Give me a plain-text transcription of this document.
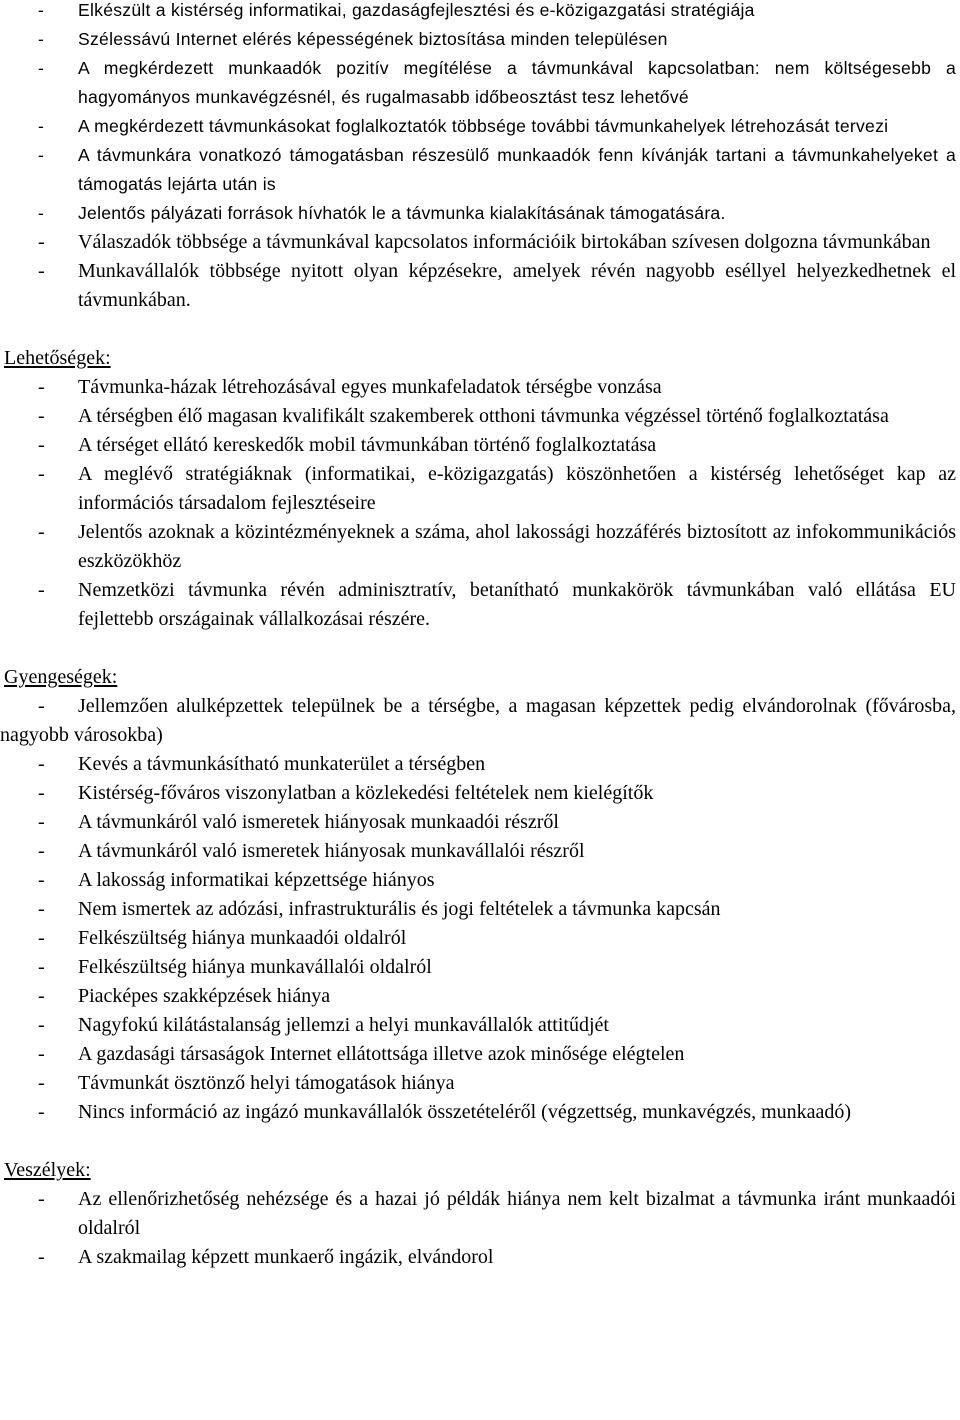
- Elkészült a kistérség informatikai, gazdaságfejlesztési és e-közigazgatási stratégiája
- Szélessávú Internet elérés képességének biztosítása minden településen
- A megkérdezett munkaadók pozitív megítélése a távmunkával kapcsolatban: nem költségesebb a hagyományos munkavégzésnél, és rugalmasabb időbeosztást tesz lehetővé
- A megkérdezett távmunkásokat foglalkoztatók többsége további távmunkahelyek létrehozását tervezi
- A távmunkára vonatkozó támogatásban részesülő munkaadók fenn kívánják tartani a távmunkahelyeket a támogatás lejárta után is
- Jelentős pályázati források hívhatók le a távmunka kialakításának támogatására.
- Válaszadók többsége a távmunkával kapcsolatos információik birtokában szívesen dolgozna távmunkában
- Munkavállalók többsége nyitott olyan képzésekre, amelyek révén nagyobb eséllyel helyezkedhetnek el távmunkában.

Lehetőségek:

- Távmunka-házak létrehozásával egyes munkafeladatok térségbe vonzása
- A térségben élő magasan kvalifikált szakemberek otthoni távmunka végzéssel történő foglalkoztatása
- A térséget ellátó kereskedők mobil távmunkában történő foglalkoztatása
- A meglévő stratégiáknak (informatikai, e-közigazgatás) köszönhetően a kistérség lehetőséget kap az információs társadalom fejlesztéseire
- Jelentős azoknak a közintézményeknek a száma, ahol lakossági hozzáférés biztosított az infokommunikációs eszközökhöz
- Nemzetközi távmunka révén adminisztratív, betanítható munkakörök távmunkában való ellátása EU fejlettebb országainak vállalkozásai részére.

Gyengeségek:

-	Jellemzően alulképzettek települnek be a térségbe, a magasan képzettek pedig elvándorolnak (fővárosba, nagyobb városokba)
- Kevés a távmunkásítható munkaterület a térségben
- Kistérség-főváros viszonylatban a közlekedési feltételek nem kielégítők
- A távmunkáról való ismeretek hiányosak munkaadói részről
- A távmunkáról való ismeretek hiányosak munkavállalói részről
- A lakosság informatikai képzettsége hiányos
- Nem ismertek az adózási, infrastrukturális és jogi feltételek a távmunka kapcsán
- Felkészültség hiánya munkaadói oldalról
- Felkészültség hiánya munkavállalói oldalról
- Piacképes szakképzések hiánya
- Nagyfokú kilátástalanság jellemzi a helyi munkavállalók attitűdjét
- A gazdasági társaságok Internet ellátottsága illetve azok minősége elégtelen
- Távmunkát ösztönző helyi támogatások hiánya
- Nincs információ az ingázó munkavállalók összetételéről (végzettség, munkavégzés, munkaadó)

Veszélyek:

- Az ellenőrizhetőség nehézsége és a hazai jó példák hiánya nem kelt bizalmat a távmunka iránt munkaadói oldalról
- A szakmailag képzett munkaerő ingázik, elvándorol
